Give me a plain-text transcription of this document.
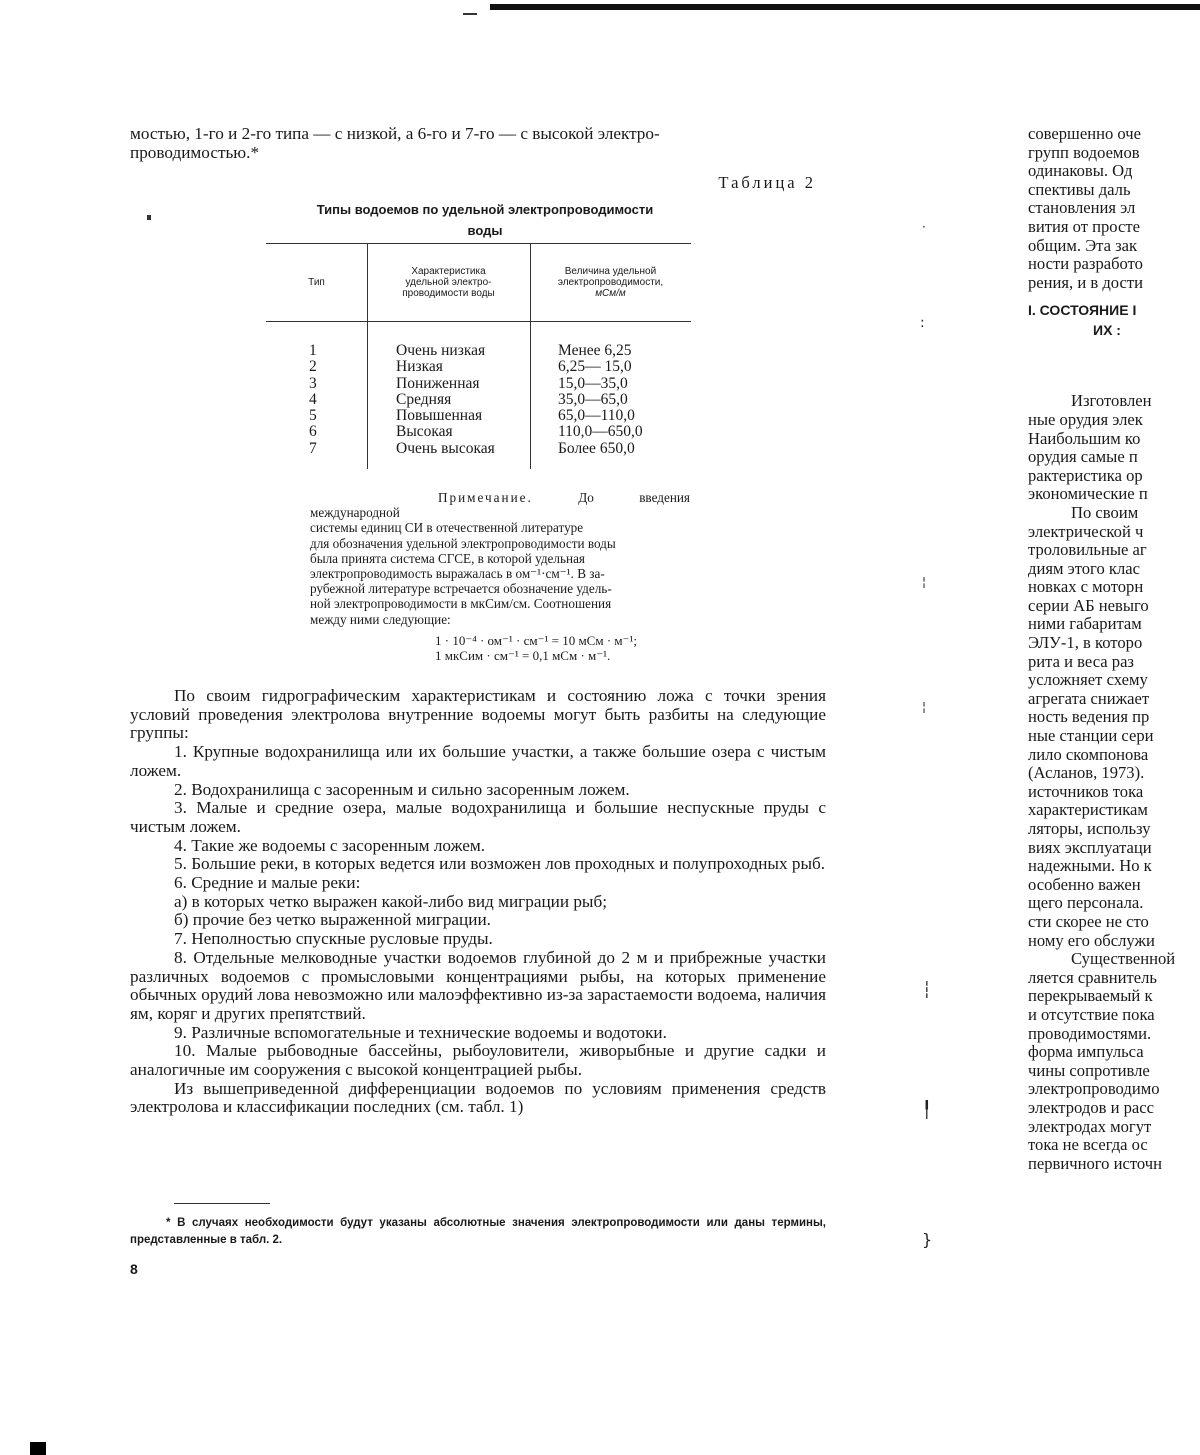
·
:
¦
¦
┆
╿
}

мостью, 1-го и 2-го типа — с низкой, а 6-го и 7-го — с высокой электро-

проводимостью.*

Таблица 2
Типы водоемов по удельной электропроводимости
воды
Тип
Характеристика
удельной электро-
проводимости воды
Величина удельной
электропроводимости,
мСм/м
1
2
3
4
5
6
7
Очень низкая
Низкая
Пониженная
Средняя
Повышенная
Высокая
Очень высокая
Менее 6,25
6,25— 15,0
15,0—35,0
35,0—65,0
65,0—110,0
110,0—650,0
Более 650,0
Примечание.	До введения международной
системы единиц СИ в отечественной литературе
для обозначения удельной электропроводимости воды
была принята система СГСЕ, в которой удельная
электропроводимость выражалась в ом⁻¹·см⁻¹. В за-
рубежной литературе встречается обозначение удель-
ной электропроводимости в мкСим/см. Соотношения
между ними следующие:
1 · 10⁻⁴ · ом⁻¹ · см⁻¹ = 10 мСм · м⁻¹;
1 мкСим · см⁻¹ = 0,1 мСм · м⁻¹.

По своим гидрографическим характеристикам и состоянию ложа с точки зрения условий проведения электролова внутренние водоемы могут быть разбиты на следующие группы:

1. Крупные водохранилища или их большие участки, а также большие озера с чистым ложем.

2. Водохранилища с засоренным и сильно засоренным ложем.

3. Малые и средние озера, малые водохранилища и большие неспускные пруды с чистым ложем.

4. Такие же водоемы с засоренным ложем.

5. Большие реки, в которых ведется или возможен лов проходных и полупроходных рыб.

6. Средние и малые реки:

а) в которых четко выражен какой-либо вид миграции рыб;

б) прочие без четко выраженной миграции.

7. Неполностью спускные русловые пруды.

8. Отдельные мелководные участки водоемов глубиной до 2 м и прибрежные участки различных водоемов с промысловыми концентрациями рыбы, на которых применение обычных орудий лова невозможно или малоэффективно из-за зарастаемости водоема, наличия ям, коряг и других препятствий.

9. Различные вспомогательные и технические водоемы и водотоки.

10. Малые рыбоводные бассейны, рыбоуловители, живорыбные и другие садки и аналогичные им сооружения с высокой концентрацией рыбы.

Из вышеприведенной дифференциации водоемов по условиям применения средств электролова и классификации последних (см. табл. 1)

* В случаях необходимости будут указаны абсолютные значения электропроводимости или даны термины, представленные в табл. 2.
8
совершенно оче
групп водоемов
одинаковы. Од
спективы даль
становления эл
вития от просте
общим. Эта зак
ности разработо
рения, и в дости
I. СОСТОЯНИЕ I
ИХ :
Изготовлен
ные орудия элек
Наибольшим ко
орудия самые п
рактеристика ор
экономические п
По своим
электрической ч
троловильные аг
диям этого клас
новках с моторн
серии АБ невыго
ними габаритам
ЭЛУ-1, в которо
рита и веса раз
усложняет схему
агрегата снижает
ность ведения пр
ные станции сери
лило скомпонова
(Асланов, 1973).
источников тока
характеристикам
ляторы, использу
виях эксплуатаци
надежными. Но к
особенно важен
щего персонала.
сти скорее не сто
ному его обслужи
Существенной
ляется сравнитель
перекрываемый к
и отсутствие пока
проводимостями.
форма импульса
чины сопротивле
электропроводимо
электродов и расс
электродах могут
тока не всегда ос
первичного источн
